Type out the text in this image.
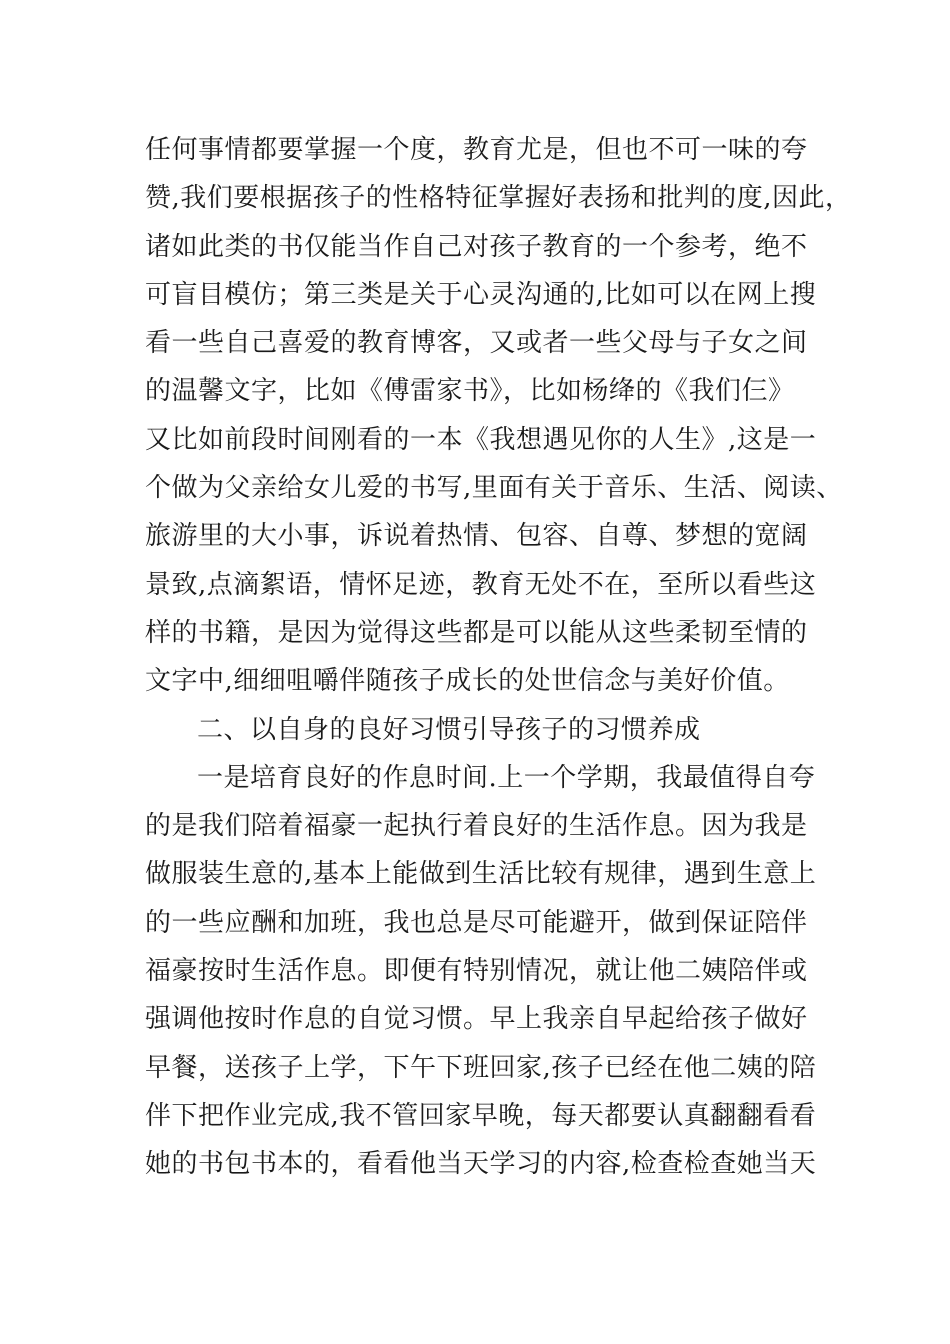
任何事情都要掌握一个度，教育尤是，但也不可一味的夸
赞,我们要根据孩子的性格特征掌握好表扬和批判的度,因此，
诸如此类的书仅能当作自己对孩子教育的一个参考，绝不
可盲目模仿；第三类是关于心灵沟通的,比如可以在网上搜
看一些自己喜爱的教育博客，又或者一些父母与子女之间
的温馨文字，比如《傅雷家书》，比如杨绛的《我们仨》
又比如前段时间刚看的一本《我想遇见你的人生》,这是一
个做为父亲给女儿爱的书写,里面有关于音乐、生活、阅读、
旅游里的大小事，诉说着热情、包容、自尊、梦想的宽阔
景致,点滴絮语，情怀足迹，教育无处不在，至所以看些这
样的书籍，是因为觉得这些都是可以能从这些柔韧至情的
文字中,细细咀嚼伴随孩子成长的处世信念与美好价值。
二、以自身的良好习惯引导孩子的习惯养成
一是培育良好的作息时间.上一个学期，我最值得自夸
的是我们陪着福豪一起执行着良好的生活作息。因为我是
做服装生意的,基本上能做到生活比较有规律，遇到生意上
的一些应酬和加班，我也总是尽可能避开，做到保证陪伴
福豪按时生活作息。即便有特别情况，就让他二姨陪伴或
强调他按时作息的自觉习惯。早上我亲自早起给孩子做好
早餐，送孩子上学，下午下班回家,孩子已经在他二姨的陪
伴下把作业完成,我不管回家早晚，每天都要认真翻翻看看
她的书包书本的，看看他当天学习的内容,检查检查她当天
